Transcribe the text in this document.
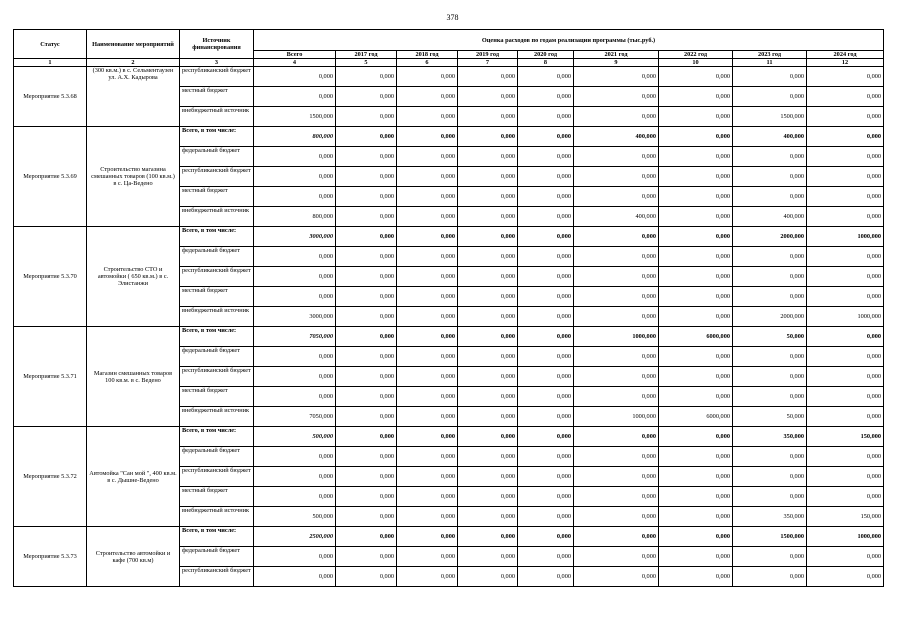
378
Статус	Наименование мероприятий	Источник финансирования	Оценка расходов по годам реализации программы (тыс.руб.)								
			Всего	2017 год	2018 год	2019 год	2020 год	2021 год	2022 год	2023 год	2024 год
1	2	3	4	5	6	7	8	9	10	11	12
Мероприятие 5.3.68	(300 кв.м.) в с. Сельментаузен ул. А.Х. Кадырова	республиканский бюджет	0,000	0,000	0,000	0,000	0,000	0,000	0,000	0,000	0,000
		местный бюджет	0,000	0,000	0,000	0,000	0,000	0,000	0,000	0,000	0,000
		внебюджетный источник	1500,000	0,000	0,000	0,000	0,000	0,000	0,000	1500,000	0,000
Мероприятие 5.3.69	Строительство магазина смешанных товаров (100 кв.м.) в с. Ца-Ведено	Всего, в том числе:	800,000	0,000	0,000	0,000	0,000	400,000	0,000	400,000	0,000
		федеральный бюджет	0,000	0,000	0,000	0,000	0,000	0,000	0,000	0,000	0,000
		республиканский бюджет	0,000	0,000	0,000	0,000	0,000	0,000	0,000	0,000	0,000
		местный бюджет	0,000	0,000	0,000	0,000	0,000	0,000	0,000	0,000	0,000
		внебюджетный источник	800,000	0,000	0,000	0,000	0,000	400,000	0,000	400,000	0,000
Мероприятие 5.3.70	Строительство СТО и автомойки ( 650 кв.м.) в с. Элистанжи	Всего, в том числе:	3000,000	0,000	0,000	0,000	0,000	0,000	0,000	2000,000	1000,000
		федеральный бюджет	0,000	0,000	0,000	0,000	0,000	0,000	0,000	0,000	0,000
		республиканский бюджет	0,000	0,000	0,000	0,000	0,000	0,000	0,000	0,000	0,000
		местный бюджет	0,000	0,000	0,000	0,000	0,000	0,000	0,000	0,000	0,000
		внебюджетный источник	3000,000	0,000	0,000	0,000	0,000	0,000	0,000	2000,000	1000,000
Мероприятие 5.3.71	Магазин смешанных товаров 100 кв.м. в с. Ведено	Всего, в том числе:	7050,000	0,000	0,000	0,000	0,000	1000,000	6000,000	50,000	0,000
		федеральный бюджет	0,000	0,000	0,000	0,000	0,000	0,000	0,000	0,000	0,000
		республиканский бюджет	0,000	0,000	0,000	0,000	0,000	0,000	0,000	0,000	0,000
		местный бюджет	0,000	0,000	0,000	0,000	0,000	0,000	0,000	0,000	0,000
		внебюджетный источник	7050,000	0,000	0,000	0,000	0,000	1000,000	6000,000	50,000	0,000
Мероприятие 5.3.72	Автомойка "Сан мой ", 400 кв.м. в с. Дышне-Ведено	Всего, в том числе:	500,000	0,000	0,000	0,000	0,000	0,000	0,000	350,000	150,000
		федеральный бюджет	0,000	0,000	0,000	0,000	0,000	0,000	0,000	0,000	0,000
		республиканский бюджет	0,000	0,000	0,000	0,000	0,000	0,000	0,000	0,000	0,000
		местный бюджет	0,000	0,000	0,000	0,000	0,000	0,000	0,000	0,000	0,000
		внебюджетный источник	500,000	0,000	0,000	0,000	0,000	0,000	0,000	350,000	150,000
Мероприятие 5.3.73	Строительство автомойки и кафе (700 кв.м)	Всего, в том числе:	2500,000	0,000	0,000	0,000	0,000	0,000	0,000	1500,000	1000,000
		федеральный бюджет	0,000	0,000	0,000	0,000	0,000	0,000	0,000	0,000	0,000
		республиканский бюджет	0,000	0,000	0,000	0,000	0,000	0,000	0,000	0,000	0,000
